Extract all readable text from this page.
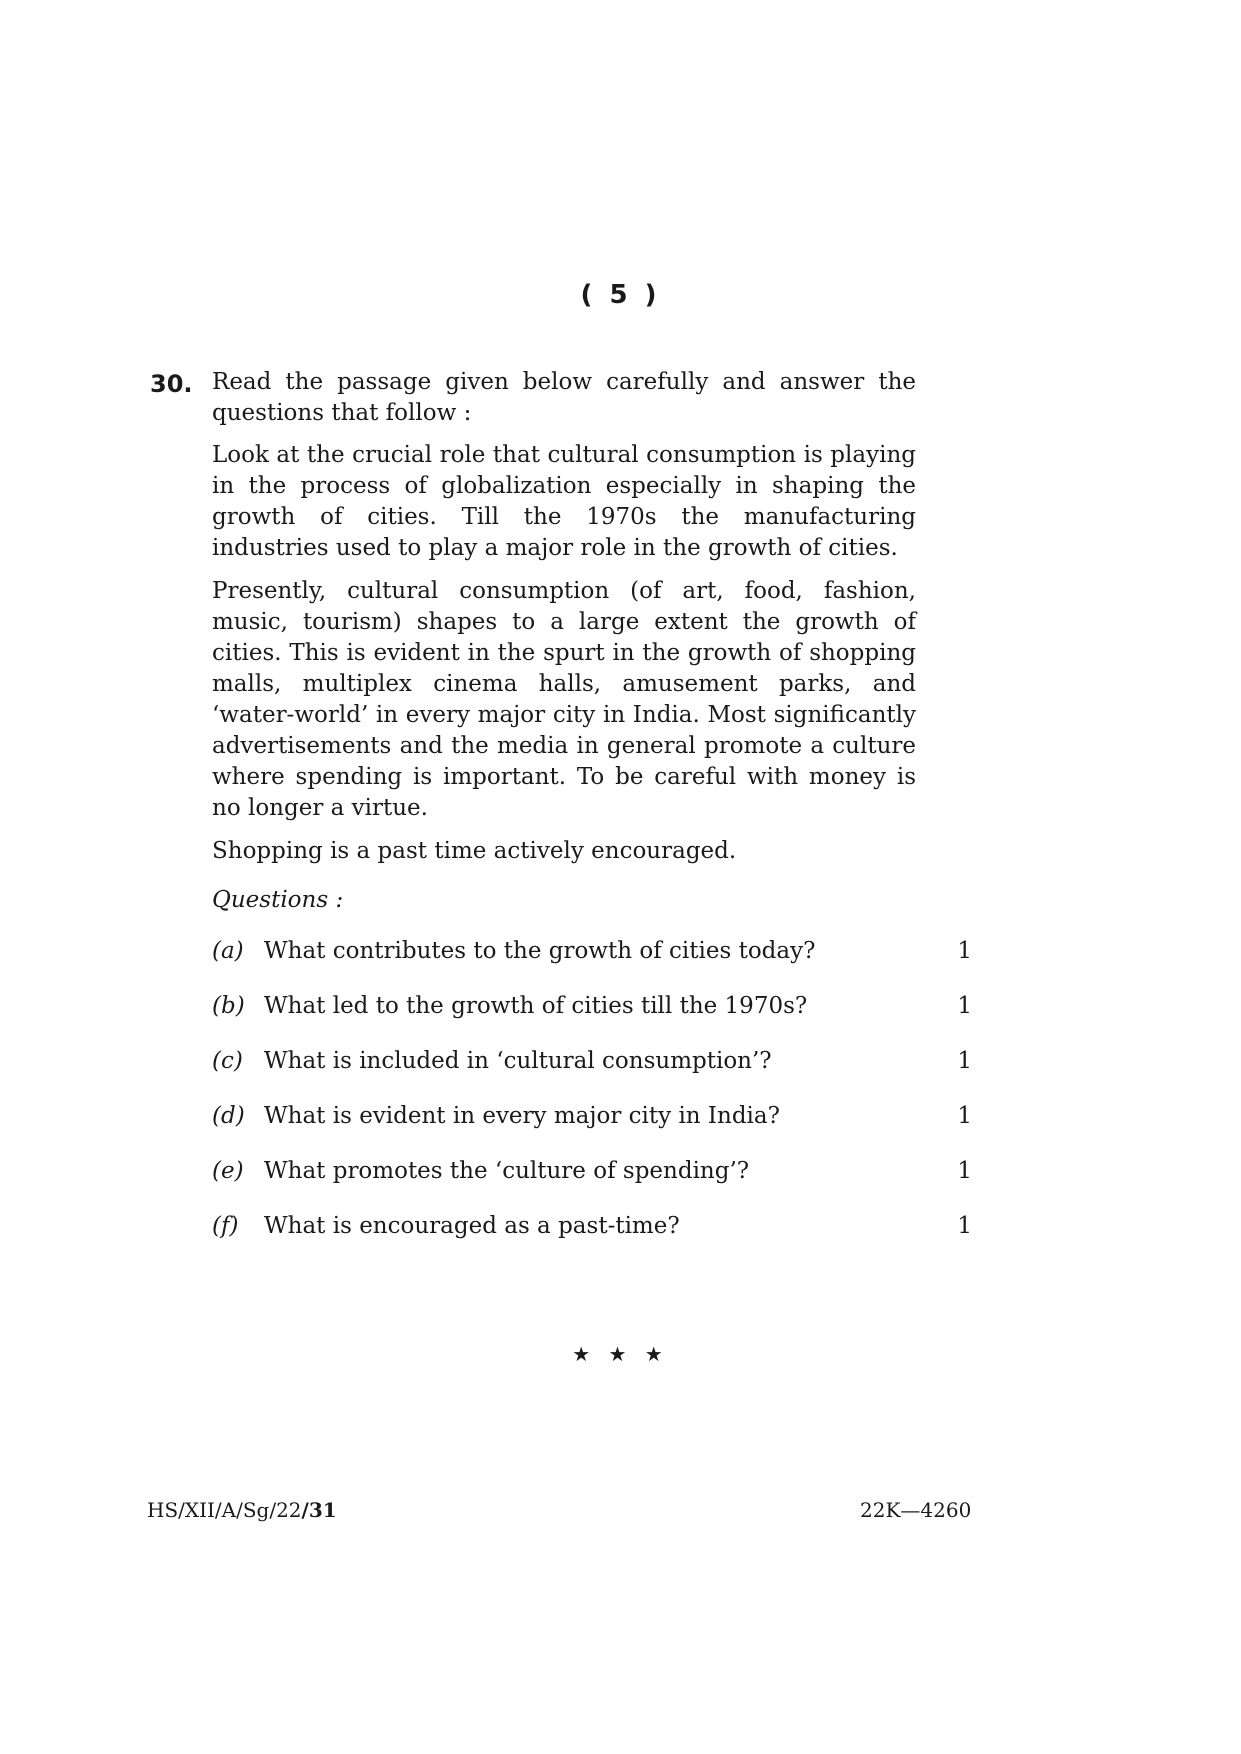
( 5 )
30. Read the passage given below carefully and answer the questions that follow :

Look at the crucial role that cultural consumption is playing in the process of globalization especially in shaping the growth of cities. Till the 1970s the manufacturing industries used to play a major role in the growth of cities.

Presently, cultural consumption (of art, food, fashion, music, tourism) shapes to a large extent the growth of cities. This is evident in the spurt in the growth of shopping malls, multiplex cinema halls, amusement parks, and ‘water-world’ in every major city in India. Most significantly advertisements and the media in general promote a culture where spending is important. To be careful with money is no longer a virtue.

Shopping is a past time actively encouraged.

Questions :

(a) What contributes to the growth of cities today?	1
(b) What led to the growth of cities till the 1970s?	1
(c) What is included in ‘cultural consumption’?	1
(d) What is evident in every major city in India?	1
(e) What promotes the ‘culture of spending’?	1
(f)	What is encouraged as a past-time?	1
★ ★ ★
HS/XII/A/Sg/22/31	22K—4260
